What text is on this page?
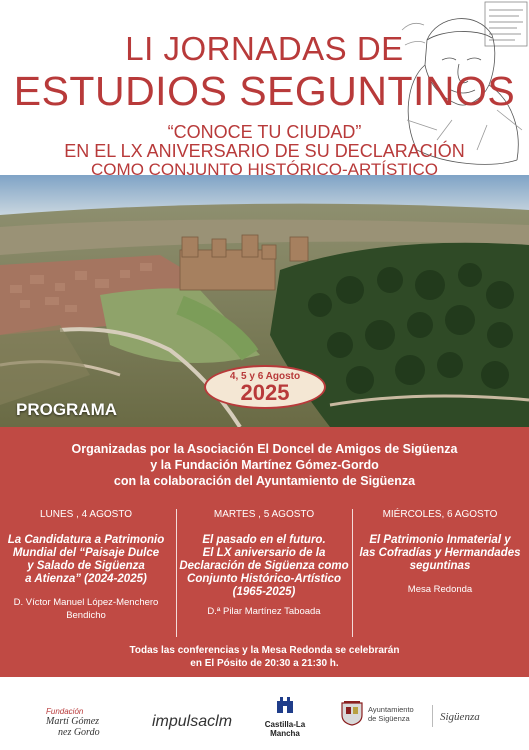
LI JORNADAS DE
ESTUDIOS SEGUNTINOS
“CONOCE TU CIUDAD”
EN EL LX ANIVERSARIO DE SU DECLARACIÓN
COMO CONJUNTO HISTÓRICO-ARTÍSTICO
4, 5 y 6 Agosto
2025
PROGRAMA
Organizadas por la Asociación El Doncel de Amigos de Sigüenza
y la Fundación Martínez Gómez-Gordo
con la colaboración del Ayuntamiento de Sigüenza
LUNES , 4 AGOSTO
La Candidatura a Patrimonio
Mundial del “Paisaje Dulce
y Salado de Sigüenza
a Atienza” (2024-2025)
D. Víctor Manuel López-Menchero
Bendicho
MARTES , 5 AGOSTO
El pasado en el futuro.
El LX aniversario de la
Declaración de Sigüenza como
Conjunto Histórico-Artístico
(1965-2025)
D.ª Pilar Martínez Taboada
MIÉRCOLES, 6 AGOSTO
El Patrimonio Inmaterial y
las Cofradías y Hermandades
seguntinas
Mesa Redonda
Todas las conferencias y la Mesa Redonda se celebrarán
en El Pósito de 20:30 a 21:30 h.
Fundación
Martí Gómez
nez Gordo
impulsaclm	Castilla-La Mancha
Ayuntamiento
de Sigüenza	Sigüenza
